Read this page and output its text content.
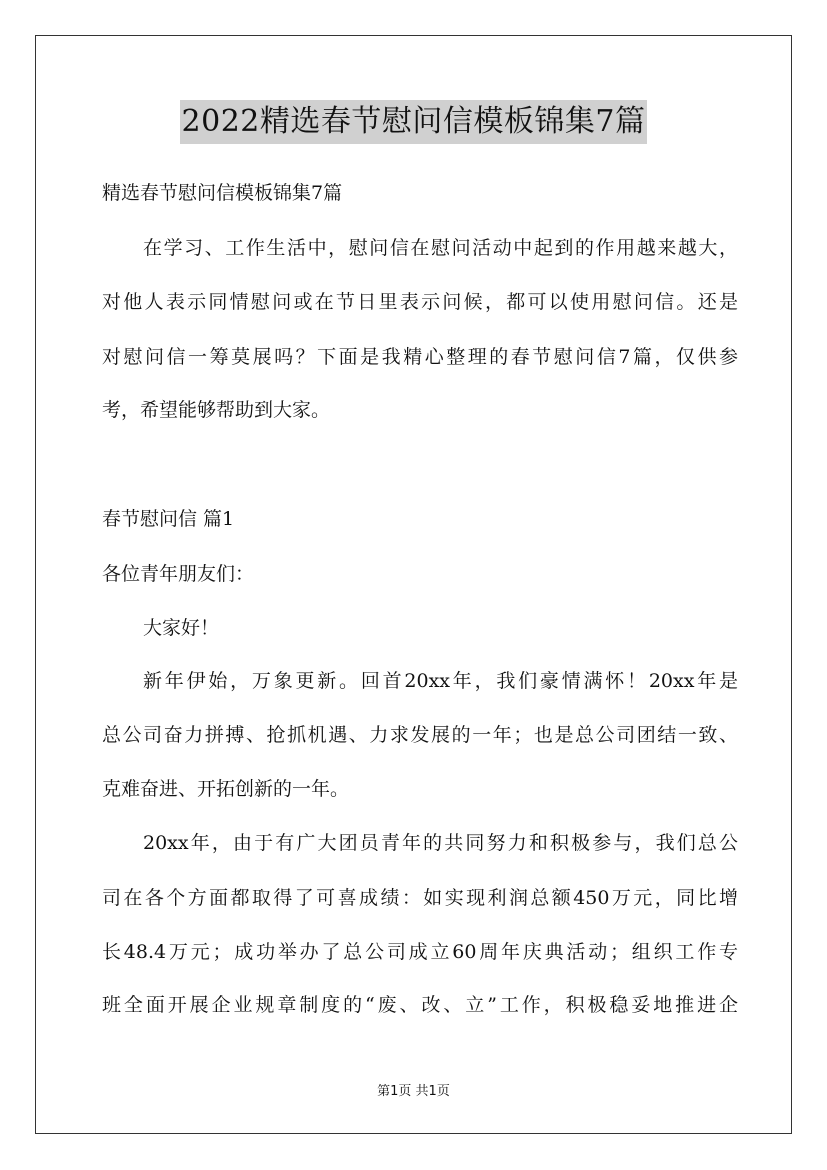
2022精选春节慰问信模板锦集7篇
精选春节慰问信模板锦集7篇
在学习、工作生活中，慰问信在慰问活动中起到的作用越来越大，
对他人表示同情慰问或在节日里表示问候，都可以使用慰问信。还是
对慰问信一筹莫展吗？下面是我精心整理的春节慰问信7篇，仅供参
考，希望能够帮助到大家。
春节慰问信 篇1
各位青年朋友们：
大家好！
新年伊始，万象更新。回首20xx年，我们豪情满怀！20xx年是
总公司奋力拼搏、抢抓机遇、力求发展的一年；也是总公司团结一致、
克难奋进、开拓创新的一年。
20xx年，由于有广大团员青年的共同努力和积极参与，我们总公
司在各个方面都取得了可喜成绩：如实现利润总额450万元，同比增
长48.4万元；成功举办了总公司成立60周年庆典活动；组织工作专
班全面开展企业规章制度的“废、改、立”工作，积极稳妥地推进企
第1页 共1页
